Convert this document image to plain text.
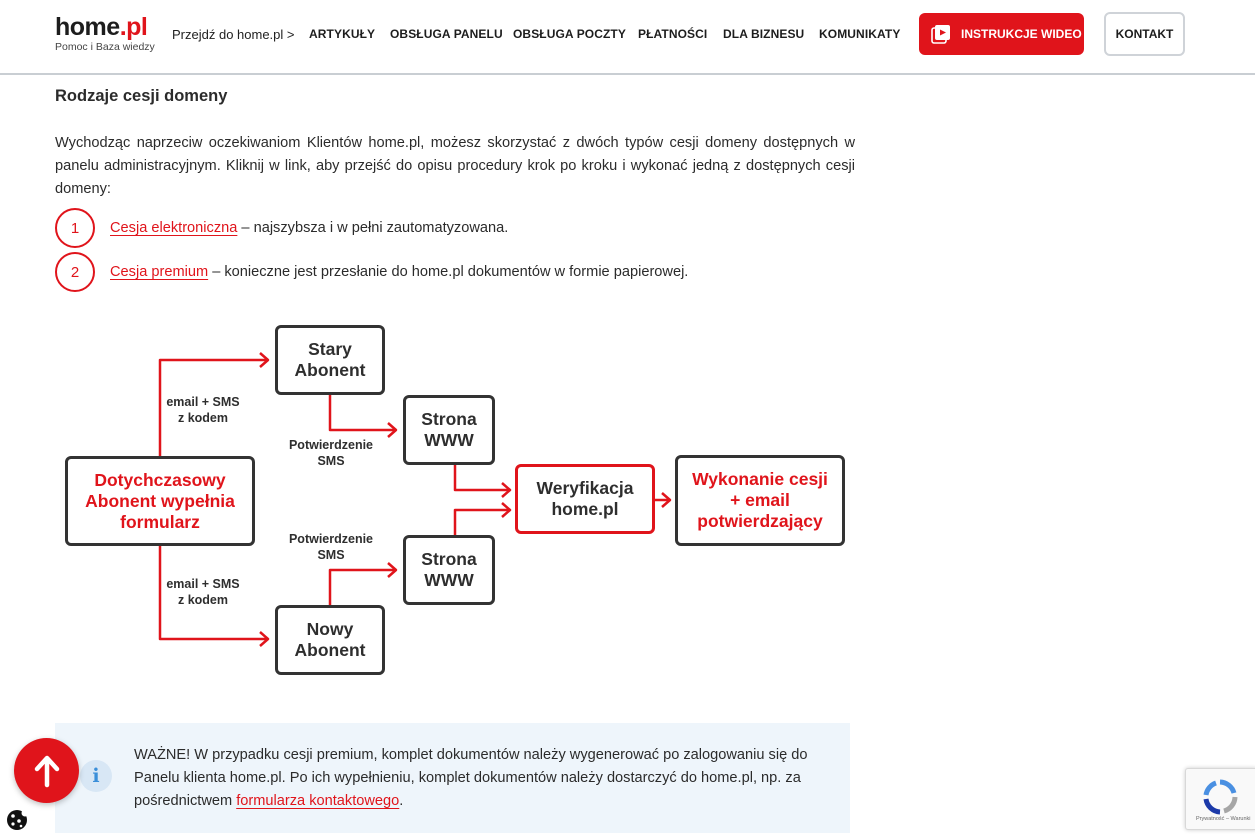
home.pl
Pomoc i Baza wiedzy
Przejdź do home.pl > ARTYKUŁY OBSŁUGA PANELU OBSŁUGA POCZTY PŁATNOŚCI DLA BIZNESU KOMUNIKATY	INSTRUKCJE WIDEO	KONTAKT
Rodzaje cesji domeny
Wychodząc naprzeciw oczekiwaniom Klientów home.pl, możesz skorzystać z dwóch typów cesji domeny dostępnych w panelu administracyjnym. Kliknij w link, aby przejść do opisu procedury krok po kroku i wykonać jedną z dostępnych cesji domeny:
1	Cesja elektroniczna – najszybsza i w pełni zautomatyzowana.
2	Cesja premium – konieczne jest przesłanie do home.pl dokumentów w formie papierowej.
Dotychczasowy
Abonent wypełnia
formularz
Stary
Abonent
Nowy
Abonent
Strona
WWW
Strona
WWW
Weryfikacja
home.pl
Wykonanie cesji
+ email
potwierdzający
email + SMS
z kodem
email + SMS
z kodem
Potwierdzenie
SMS
Potwierdzenie
SMS
i
WAŻNE! W przypadku cesji premium, komplet dokumentów należy wygenerować po zalogowaniu się do Panelu klienta home.pl. Po ich wypełnieniu, komplet dokumentów należy dostarczyć do home.pl, np. za pośrednictwem formularza kontaktowego.
Prywatność – Warunki
